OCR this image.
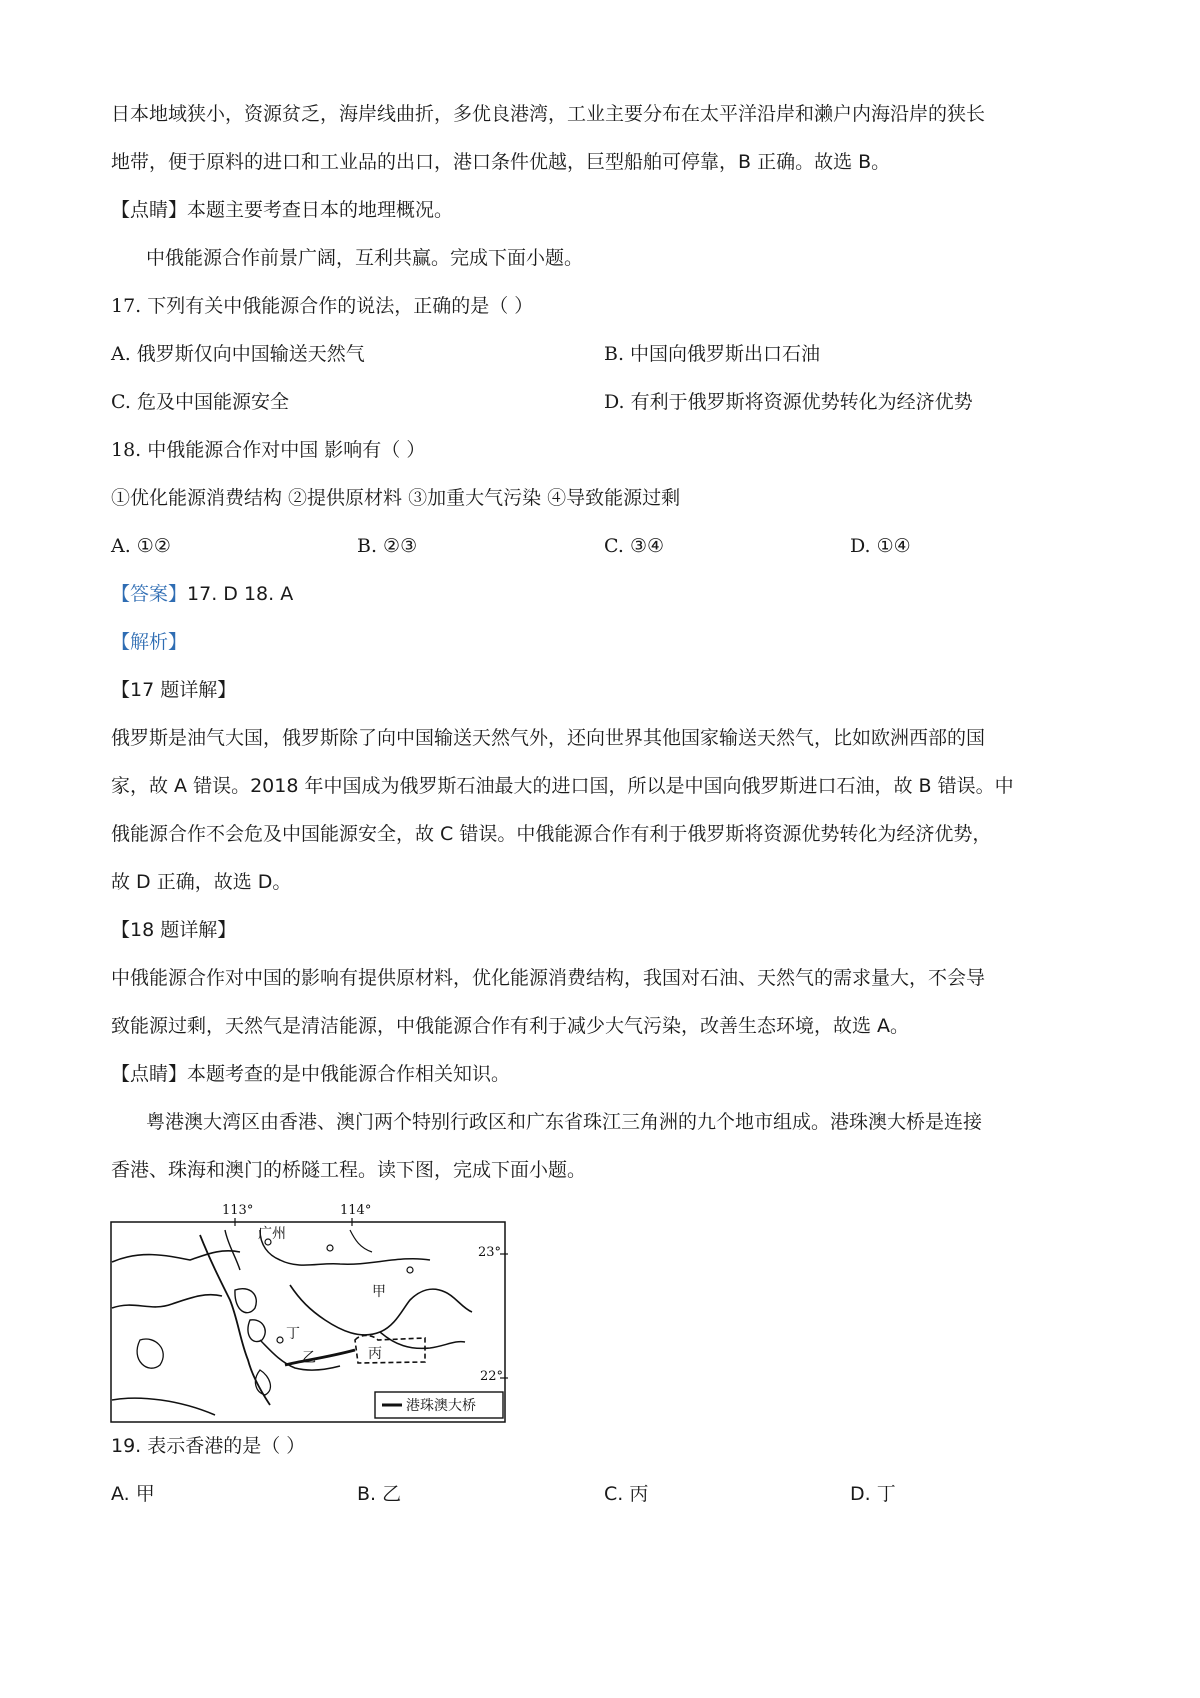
日本地域狭小，资源贫乏，海岸线曲折，多优良港湾，工业主要分布在太平洋沿岸和濑户内海沿岸的狭长
地带，便于原料的进口和工业品的出口，港口条件优越，巨型船舶可停靠，B 正确。故选 B。
【点睛】本题主要考查日本的地理概况。
中俄能源合作前景广阔，互利共赢。完成下面小题。
17. 下列有关中俄能源合作的说法，正确的是（ ）
A. 俄罗斯仅向中国输送天然气	B. 中国向俄罗斯出口石油
C. 危及中国能源安全	D. 有利于俄罗斯将资源优势转化为经济优势
18. 中俄能源合作对中国 影响有（ ）
①优化能源消费结构 ②提供原材料 ③加重大气污染 ④导致能源过剩
A. ①②	B. ②③	C. ③④	D. ①④
【答案】17. D 18. A
【解析】
【17 题详解】
俄罗斯是油气大国，俄罗斯除了向中国输送天然气外，还向世界其他国家输送天然气，比如欧洲西部的国
家，故 A 错误。2018 年中国成为俄罗斯石油最大的进口国，所以是中国向俄罗斯进口石油，故 B 错误。中
俄能源合作不会危及中国能源安全，故 C 错误。中俄能源合作有利于俄罗斯将资源优势转化为经济优势，
故 D 正确，故选 D。
【18 题详解】
中俄能源合作对中国的影响有提供原材料，优化能源消费结构，我国对石油、天然气的需求量大，不会导
致能源过剩，天然气是清洁能源，中俄能源合作有利于减少大气污染，改善生态环境，故选 A。
【点睛】本题考查的是中俄能源合作相关知识。
粤港澳大湾区由香港、澳门两个特别行政区和广东省珠江三角洲的九个地市组成。港珠澳大桥是连接
香港、珠海和澳门的桥隧工程。读下图，完成下面小题。
113°	114°
23°
22°
广州
甲
乙	丙
丁
港珠澳大桥
19. 表示香港的是（ ）
A. 甲	B. 乙	C. 丙	D. 丁
